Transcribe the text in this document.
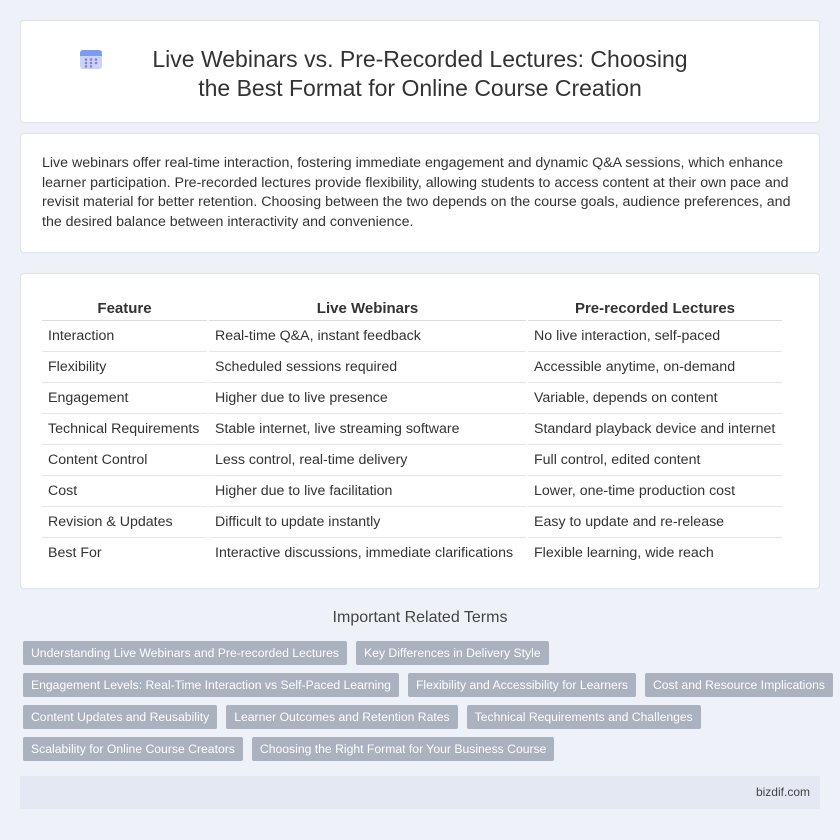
Live Webinars vs. Pre-Recorded Lectures: Choosing the Best Format for Online Course Creation

Live webinars offer real-time interaction, fostering immediate engagement and dynamic Q&A sessions, which enhance learner participation. Pre-recorded lectures provide flexibility, allowing students to access content at their own pace and revisit material for better retention. Choosing between the two depends on the course goals, audience preferences, and the desired balance between interactivity and convenience.

Feature	Live Webinars	Pre-recorded Lectures
Interaction	Real-time Q&A, instant feedback	No live interaction, self-paced
Flexibility	Scheduled sessions required	Accessible anytime, on-demand
Engagement	Higher due to live presence	Variable, depends on content
Technical Requirements	Stable internet, live streaming software	Standard playback device and internet
Content Control	Less control, real-time delivery	Full control, edited content
Cost	Higher due to live facilitation	Lower, one-time production cost
Revision & Updates	Difficult to update instantly	Easy to update and re-release
Best For	Interactive discussions, immediate clarifications	Flexible learning, wide reach
Important Related Terms
Understanding Live Webinars and Pre-recorded Lectures	Key Differences in Delivery Style
Engagement Levels: Real-Time Interaction vs Self-Paced Learning	Flexibility and Accessibility for Learners	Cost and Resource Implications
Content Updates and Reusability	Learner Outcomes and Retention Rates	Technical Requirements and Challenges
Scalability for Online Course Creators	Choosing the Right Format for Your Business Course
bizdif.com
